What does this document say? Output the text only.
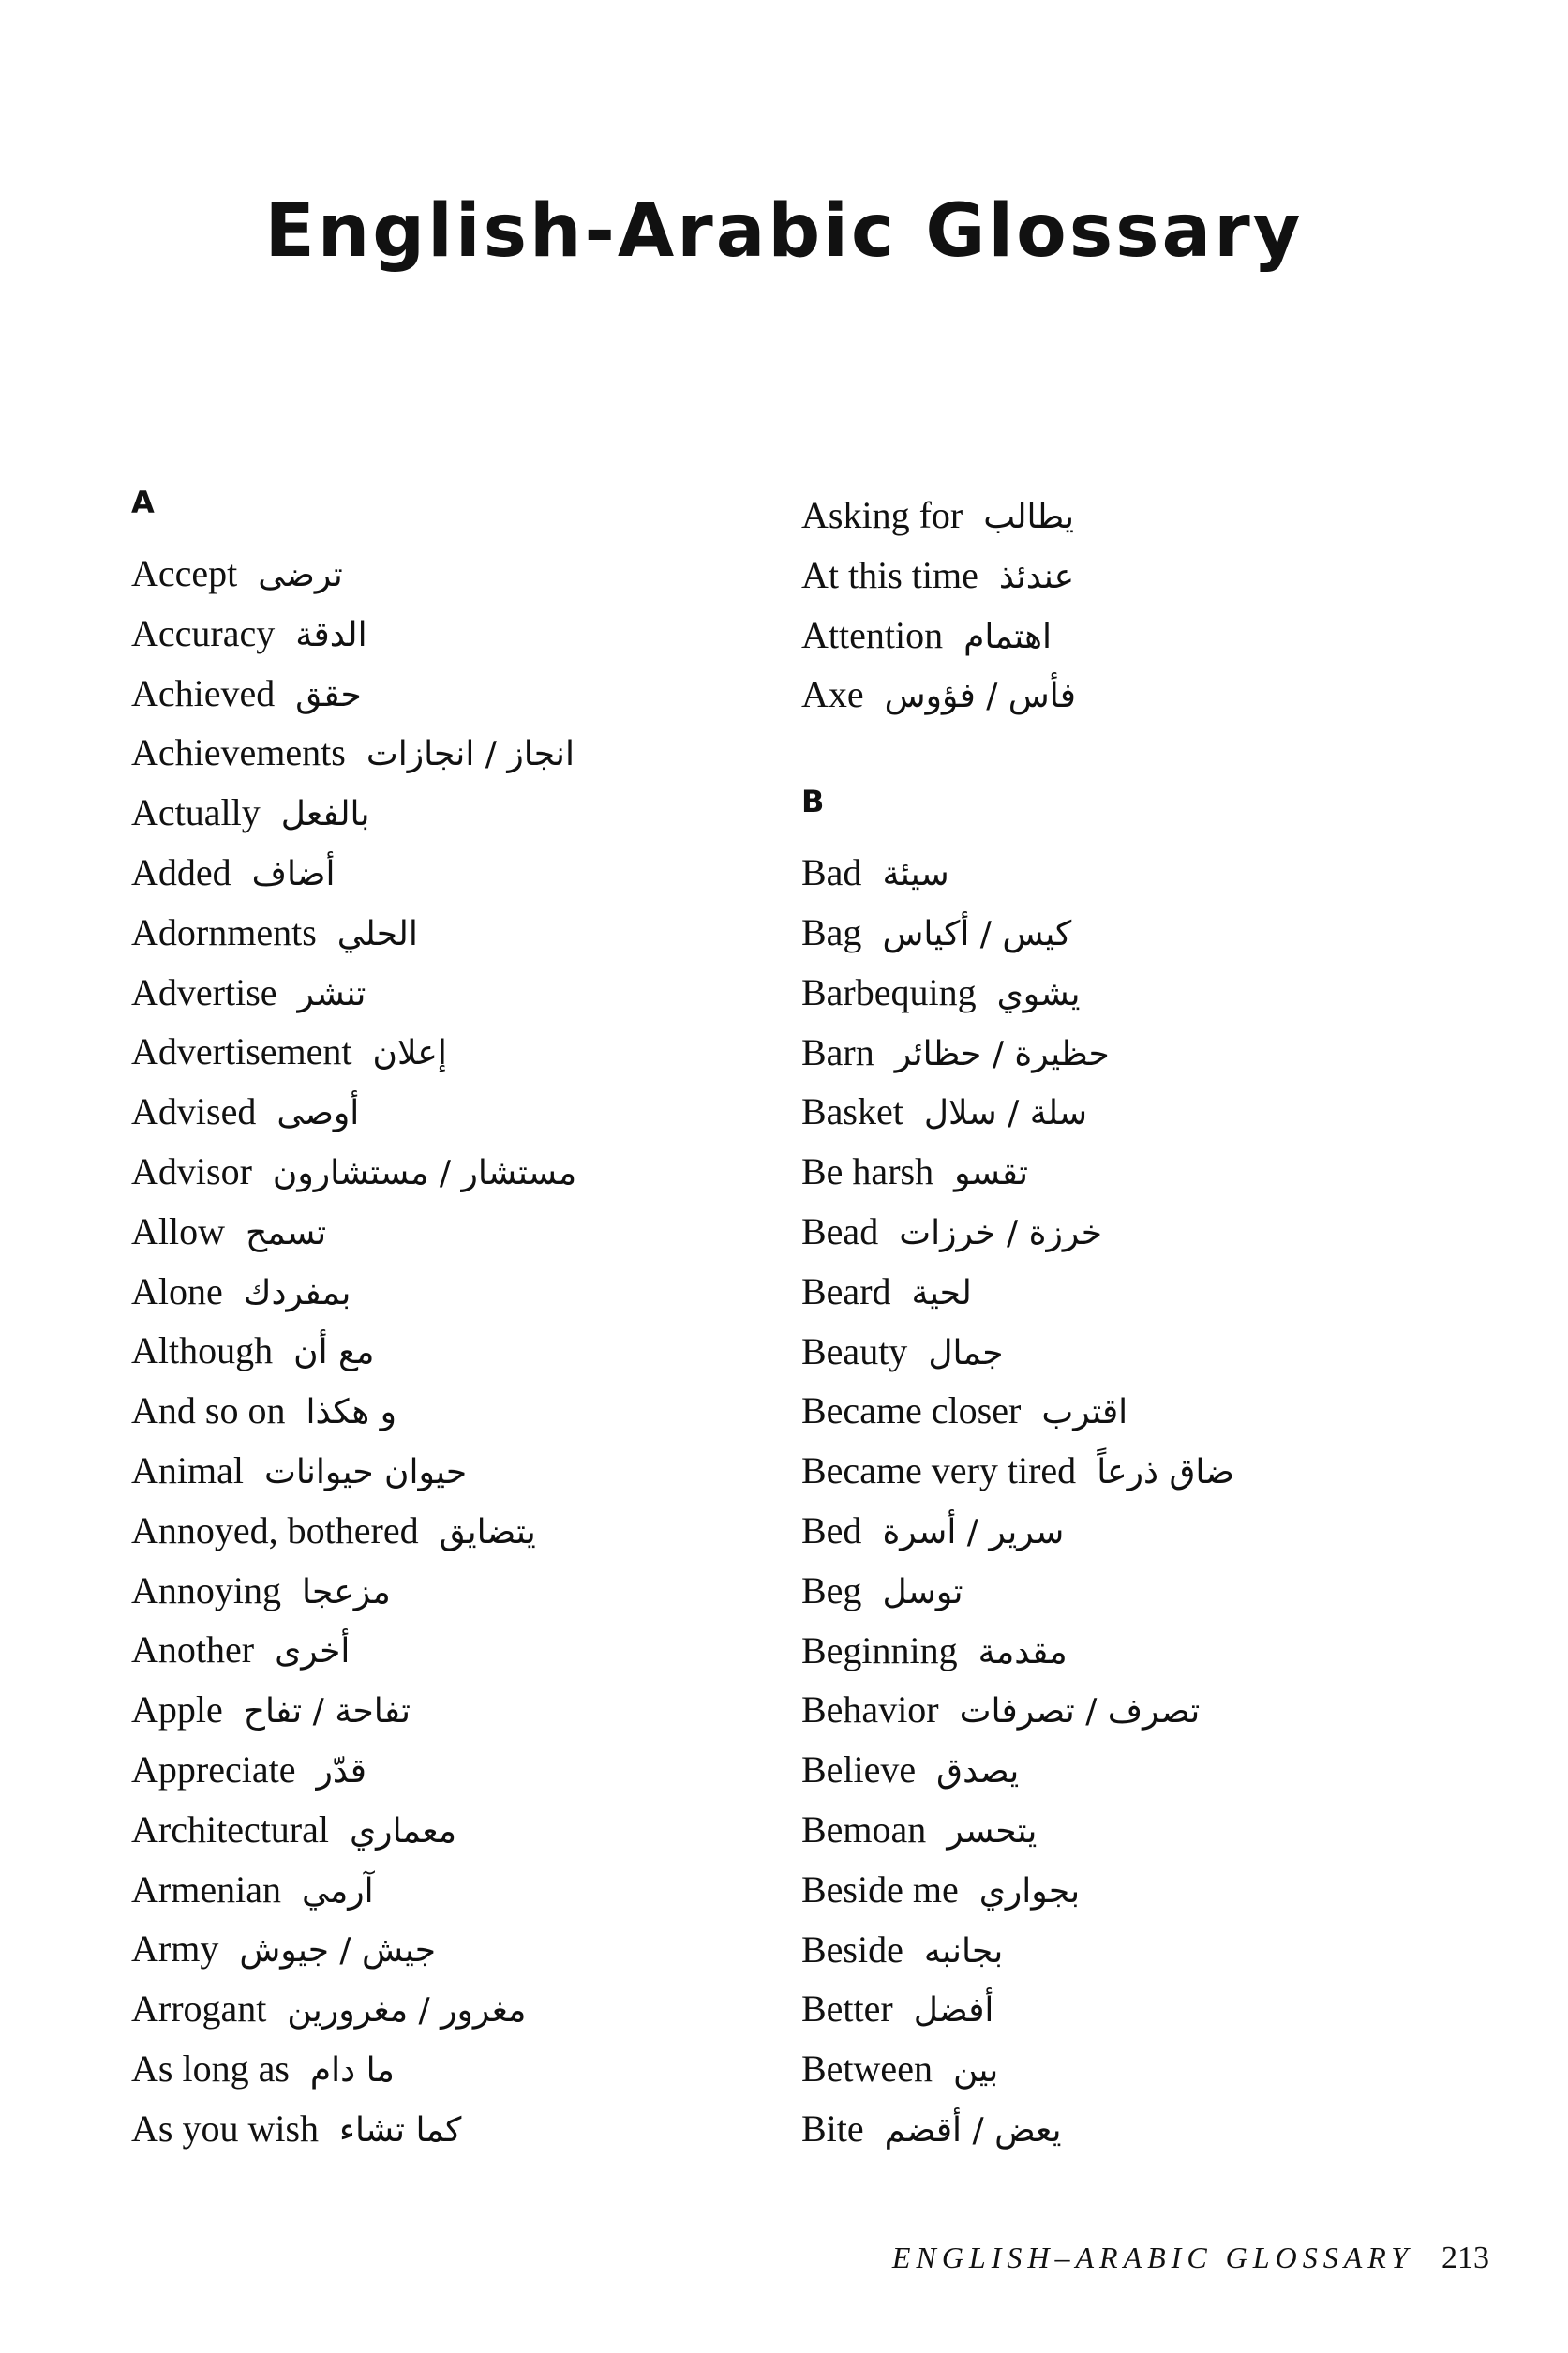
English-Arabic Glossary
A
Accept ترضى
Accuracy الدقة
Achieved حقق
Achievements انجاز / انجازات
Actually بالفعل
Added أضاف
Adornments الحلي
Advertise تنشر
Advertisement إعلان
Advised أوصى
Advisor مستشار / مستشارون
Allow تسمح
Alone بمفردك
Although مع أن
And so on و هكذا
Animal حيوان حيوانات
Annoyed, bothered يتضايق
Annoying مزعجا
Another أخرى
Apple تفاحة / تفاح
Appreciate قدّر
Architectural معماري
Armenian آرمي
Army جيش / جيوش
Arrogant مغرور / مغرورين
As long as ما دام
As you wish كما تشاء
Asking for يطالب
At this time عندئذ
Attention اهتمام
Axe فأس / فؤوس
B
Bad سيئة
Bag كيس / أكياس
Barbequing يشوي
Barn حظيرة / حظائر
Basket سلة / سلال
Be harsh تقسو
Bead خرزة / خرزات
Beard لحية
Beauty جمال
Became closer اقترب
Became very tired ضاق ذرعاً
Bed سرير / أسرة
Beg توسل
Beginning مقدمة
Behavior تصرف / تصرفات
Believe يصدق
Bemoan يتحسر
Beside me بجواري
Beside بجانبه
Better أفضل
Between بين
Bite يعض / أقضم
ENGLISH–ARABIC GLOSSARY 213
